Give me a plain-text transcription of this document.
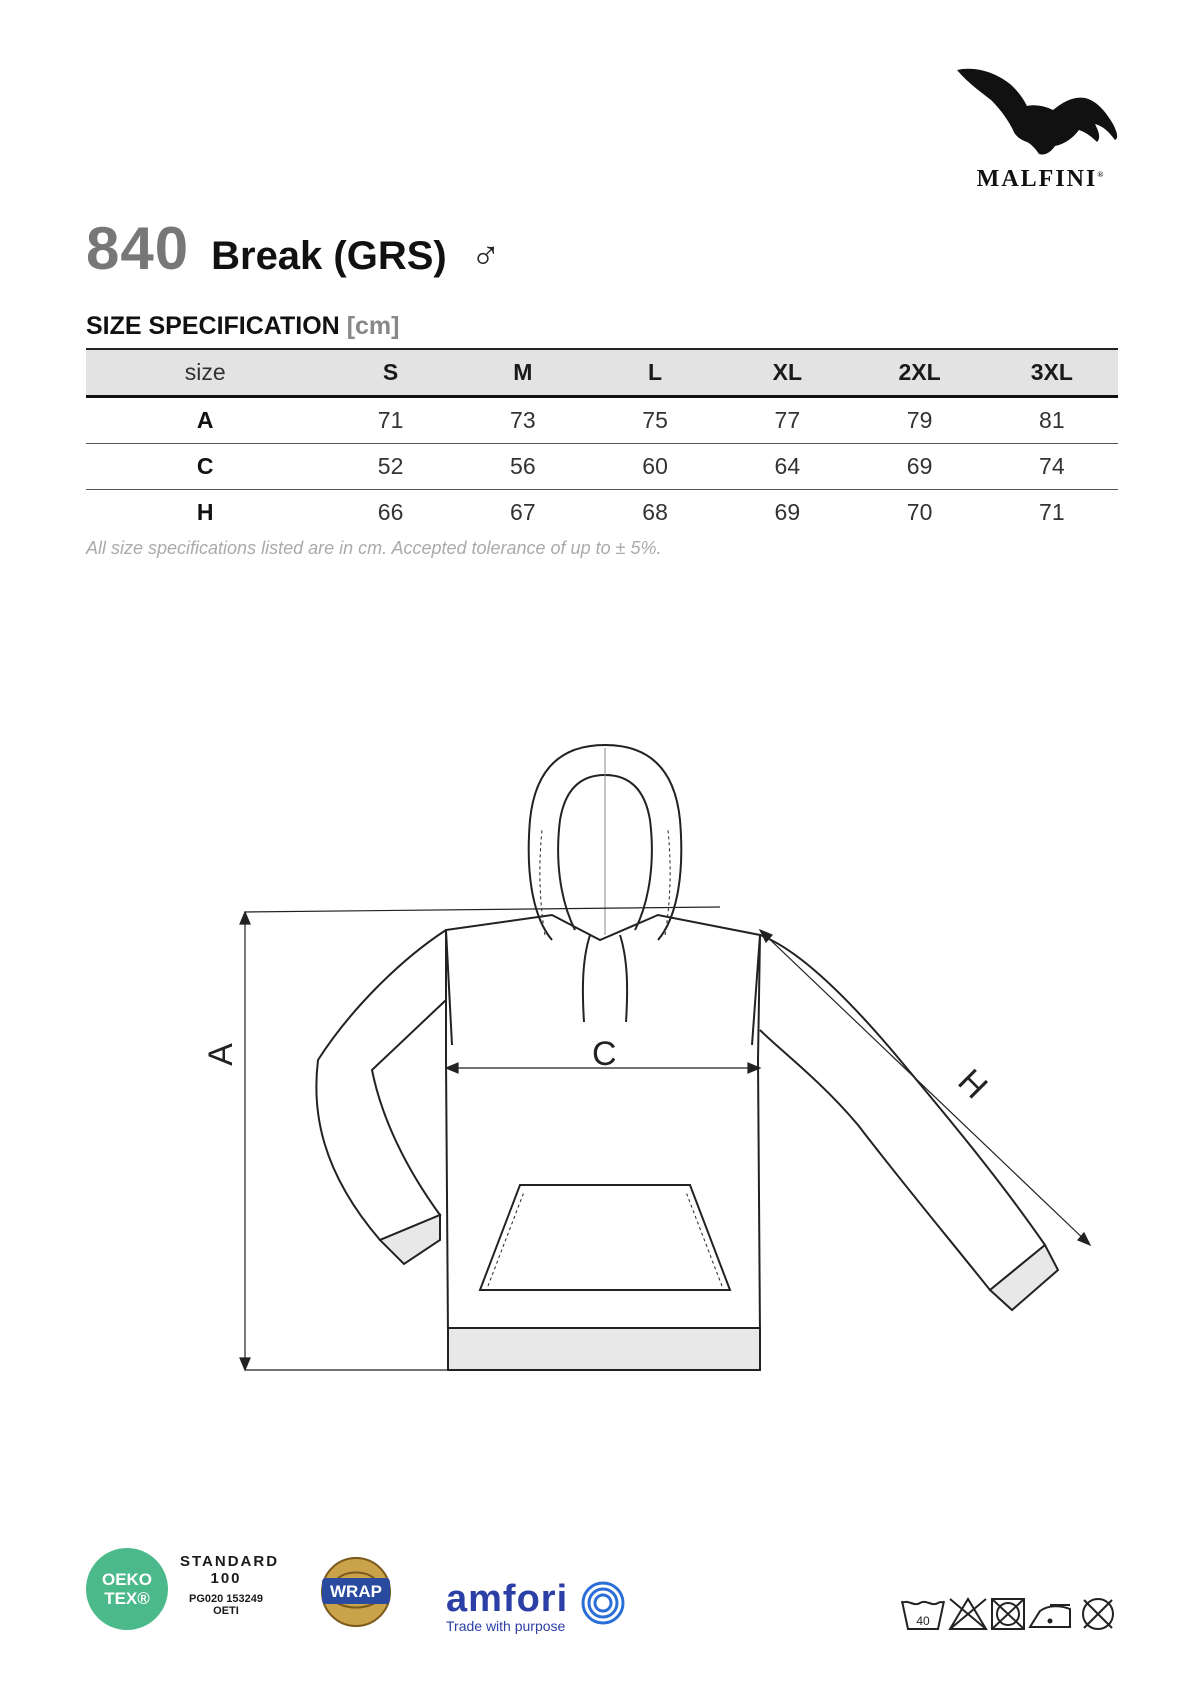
MALFINI®
840 Break (GRS) ♂
SIZE SPECIFICATION [cm]
size	S	M	L	XL	2XL	3XL
A	71	73	75	77	79	81
C	52	56	60	64	69	74
H	66	67	68	69	70	71
All size specifications listed are in cm. Accepted tolerance of up to ± 5%.
A	C
H
OEKO
TEX®
STANDARD
100
PG020 153249
OETI
WRAP amfori
Trade with purpose	40
